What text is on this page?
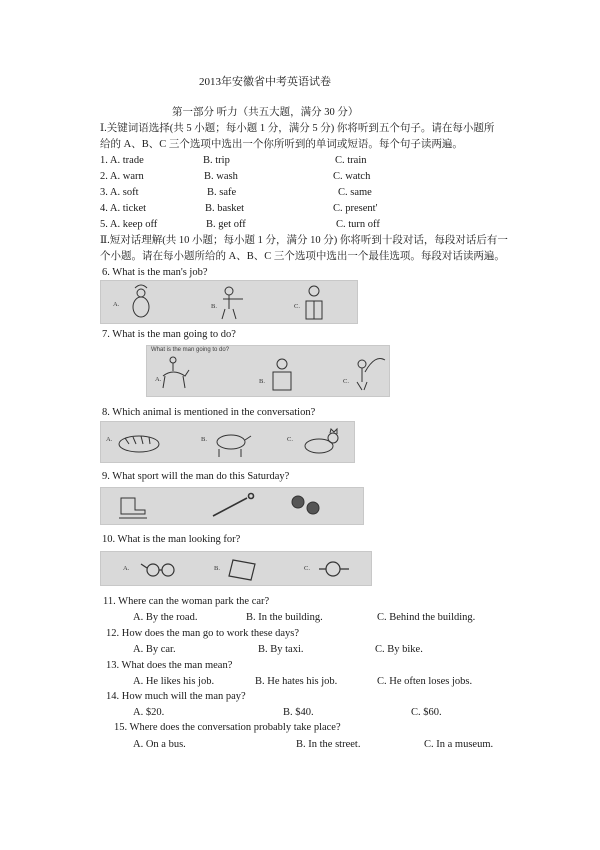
2013年安徽省中考英语试卷
第一部分 听力（共五大题，满分 30 分）
Ⅰ.关键词语选择(共 5 小题；每小题 1 分，满分 5 分) 你将听到五个句子。请在每小题所
给的 A、B、C 三个选项中选出一个你所听到的单词或短语。每个句子读两遍。
1. A. trade	B. trip	C. train
2. A. warn	B. wash	C. watch
3. A. soft	B. safe	C. same
4. A. ticket	B. basket	C. present'
5. A. keep off	B. get off	C. turn off
Ⅱ.短对话理解(共 10 小题；每小题 1 分，满分 10 分) 你将听到十段对话，每段对话后有一
个小题。请在每小题所给的 A、B、C 三个选项中选出一个最佳选项。每段对话读两遍。
6. What is the man's job?
A.	B.	C.
7. What is the man going to do?
What is the man going to do?
A.	B.	C.
8. Which animal is mentioned in the conversation?
A.	B.	C.
9. What sport will the man do this Saturday?
10. What is the man looking for?
A.	B.	C.
11. Where can the woman park the car?
A. By the road.	B. In the building.	C. Behind the building.
12. How does the man go to work these days?
A. By car.	B. By taxi.	C. By bike.
13. What does the man mean?
A. He likes his job.	B. He hates his job.	C. He often loses jobs.
14. How much will the man pay?
A. $20.	B. $40.	C. $60.
15. Where does the conversation probably take place?
A. On a bus.	B. In the street.	C. In a museum.
